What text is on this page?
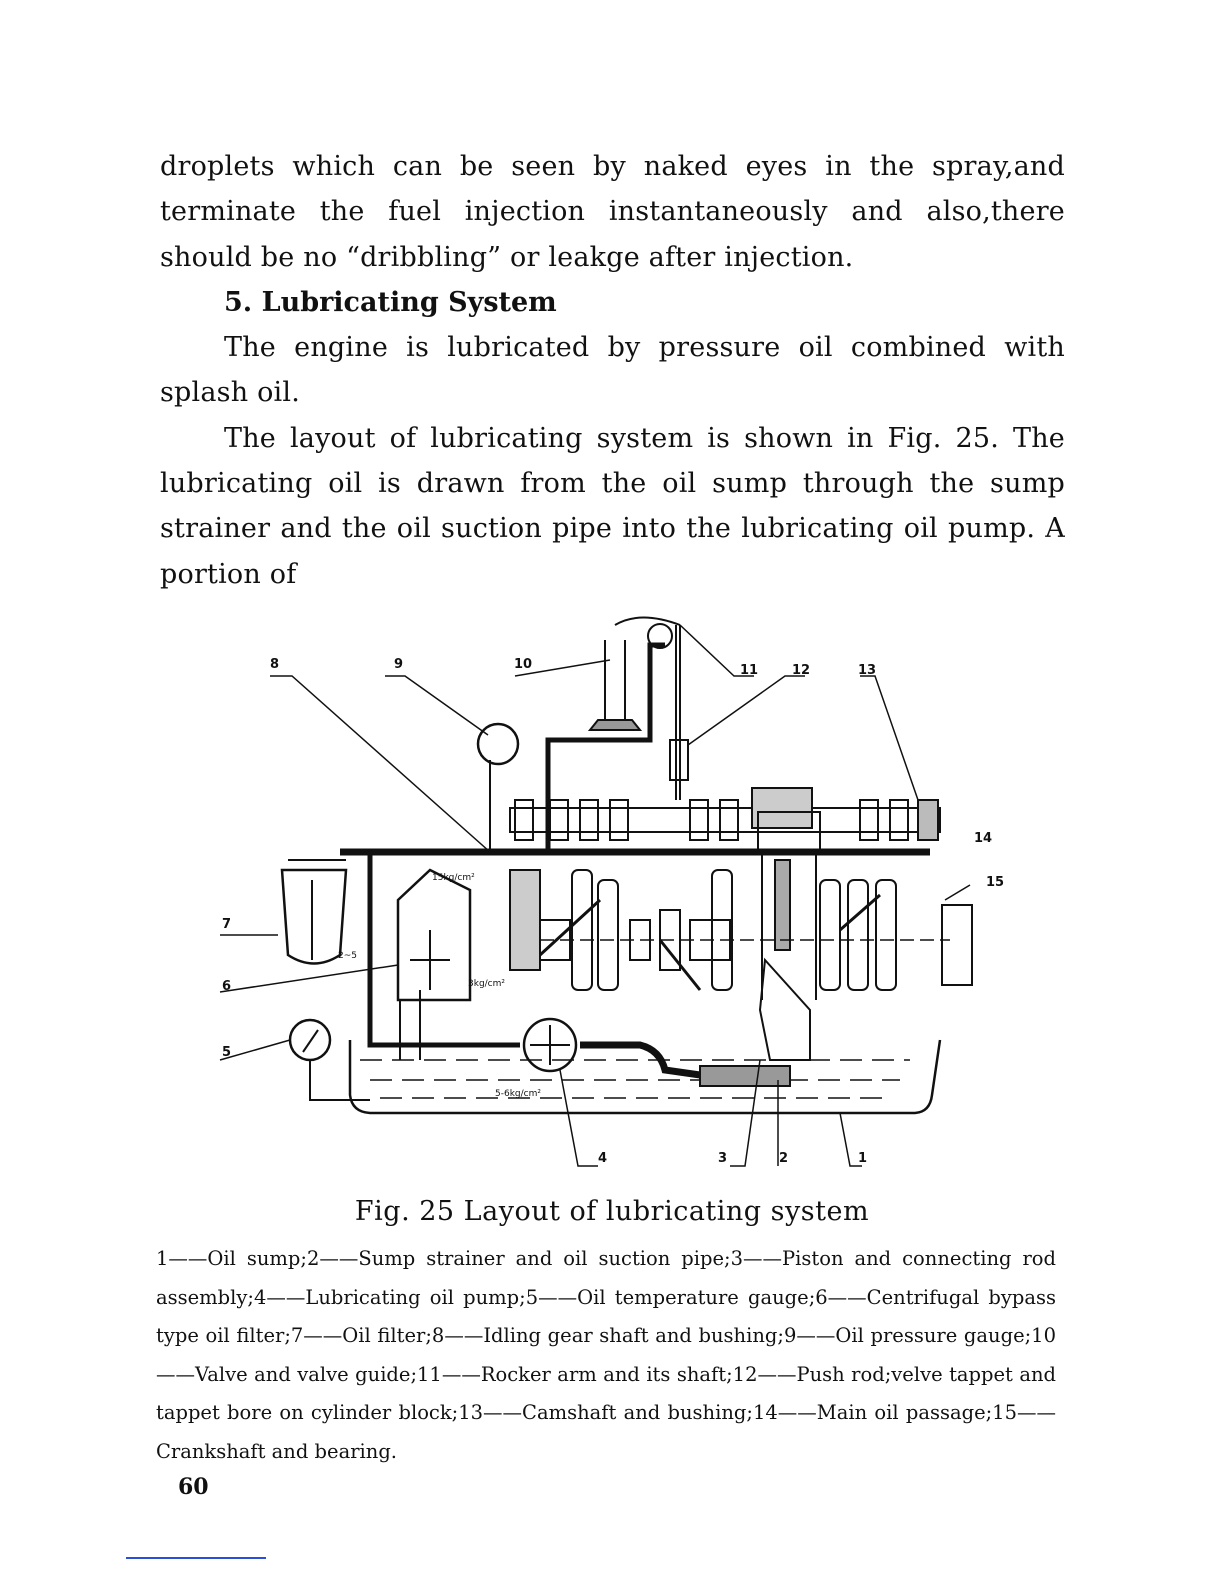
droplets which can be seen by naked eyes in the spray,and terminate the fuel injection instantaneously and also,there should be no “dribbling” or leakge after injection.

5. Lubricating System

The engine is lubricated by pressure oil combined with splash oil.

The layout of lubricating system is shown in Fig. 25. The lubricating oil is drawn from the oil sump through the sump strainer and the oil suction pipe into the lubricating oil pump. A portion of

8	9	10	11	12	13
14
15
7
6
5
4	3	2	1
15kg/cm²
3kg/cm²
5-6kg/cm²
2~5
Fig. 25 Layout of lubricating system

1——Oil sump;2——Sump strainer and oil suction pipe;3——Piston and connecting rod assembly;4——Lubricating oil pump;5——Oil temperature gauge;6——Centrifugal bypass type oil filter;7——Oil filter;8——Idling gear shaft and bushing;9——Oil pressure gauge;10——Valve and valve guide;11——Rocker arm and its shaft;12——Push rod;velve tappet and tappet bore on cylinder block;13——Camshaft and bushing;14——Main oil passage;15——Crankshaft and bearing.

60
